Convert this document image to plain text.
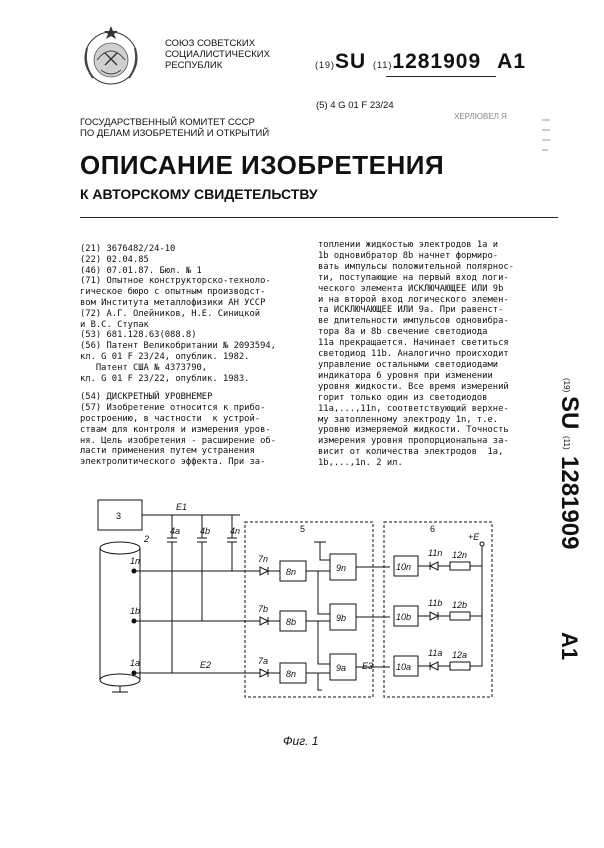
СОЮЗ СОВЕТСКИХ
СОЦИАЛИСТИЧЕСКИХ
РЕСПУБЛИК	(19)SU (11)1281909 A1
(5) 4 G 01 F 23/24
ХЕРЛЮВЕЛ Я
ГОСУДАРСТВЕННЫЙ КОМИТЕТ СССР
ПО ДЕЛАМ ИЗОБРЕТЕНИЙ И ОТКРЫТИЙ
ОПИСАНИЕ ИЗОБРЕТЕНИЯ
К АВТОРСКОМУ СВИДЕТЕЛЬСТВУ
(21) 3676482/24-10
(22) 02.04.85
(46) 07.01.87. Бюл. № 1
(71) Опытное конструкторско-техноло-
гическое бюро с опытным производст-
вом Института металлофизики АН УССР
(72) А.Г. Олейников, Н.Е. Синицкой
и В.С. Ступак
(53) 681.128.63(088.8)
(56) Патент Великобритании № 2093594,
кл. G 01 F 23/24, опублик. 1982.
Патент США № 4373790,
кл. G 01 F 23/22, опублик. 1983.
(54) ДИСКРЕТНЫЙ УРОВНЕМЕР
(57) Изобретение относится к прибо-
ростроению, в частности  к устрой-
ствам для контроля и измерения уров-
ня. Цель изобретения - расширение об-
ласти применения путем устранения
электролитического эффекта. При за-
топлении жидкостью электродов 1a и
1b одновибратор 8b начнет формиро-
вать импульсы положительной полярнос-
ти, поступающие на первый вход логи-
ческого элемента ИСКЛЮЧАЮЩЕЕ ИЛИ 9b
и на второй вход логического элемен-
та ИСКЛЮЧАЮЩЕЕ ИЛИ 9a. При равенст-
ве длительности импульсов одновибра-
тора 8a и 8b свечение светодиода
11a прекращается. Начинает светиться
светодиод 11b. Аналогично происходит
управление остальными светодиодами
индикатора 6 уровня при изменении
уровня жидкости. Все время измерений
горит только один из светодиодов
11a,...,11n, соответствующий верхне-
му затопленному электроду 1n, т.е.
уровню измеряемой жидкости. Точность
измерения уровня пропорциональна за-
висит от количества электродов  1a,
1b,...,1n. 2 ил.
(19)
SU
(11)
1281909
A1
3
E1
4a 4b 4n
2
1n
1b
1a	E2
5
7n
7b
7a
8n
8b
8n
9n
9b
9a E3
6
10n
10b
10a
11n
11b
11a
12n
12b
12a
+E
Фиг. 1
